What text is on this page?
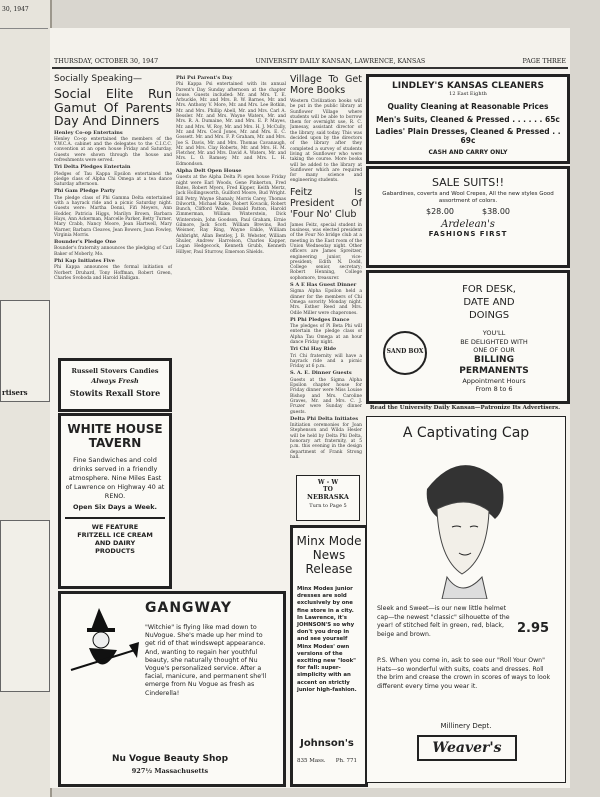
30, 1947
rtisers
THURSDAY, OCTOBER 30, 1947	UNIVERSITY DAILY KANSAN, LAWRENCE, KANSAS	PAGE THREE
Socially Speaking—
Social Elite Run Gamut Of Parents Day And Dinners
Henley Co-op Entertains

Henley Co-op entertained the members of the Y.W.C.A. cabinet and the delegates to the C.I.C.C. convention at an open house Friday and Saturday. Guests were shown through the house and refreshments were served.

Tri Delta Pledges Entertain

Pledges of Tau Kappa Epsilon entertained the pledge class of Alpha Chi Omega at a tea dance Saturday afternoon.

Phi Gam Pledge Party

The pledge class of Phi Gamma Delta entertained with a hayrack ride and a picnic Saturday night. Guests were: Martha Denni, Fifi Meyers, Ann Hodder, Patricia Higgs, Marilyn Brown, Barbara Hays, Ann Ackerman, Marcelle Parker, Betty Turner, Mary Crabb, Nancy Moore, Jean Hartwell, Mary Warner, Barbara Cleaves, Jean Bowers, Joan Fowley, Virginia Morris.

Bounder's Pledge One

Bounder's fraternity announces the pledging of Carl Baker of Moberly, Mo.

Phi Kap Initiates Five

Phi Kappa announces the formal initiation of Norbert Druhard, Tony Hoffman, Robert Green, Charles Svoboda and Harold Halligan.

Russell Stovers Candies
Always Fresh
Stowits Rexall Store
WHITE HOUSE
TAVERN
Fine Sandwiches and cold drinks served in a friendly atmosphere. Nine Miles East of Lawrence on Highway 40 at RENO.
Open Six Days a Week.
WE FEATURE
FRITZELL ICE CREAM
AND DAIRY
PRODUCTS
GANGWAY
"Witchie" is flying like mad down to NuVogue. She's made up her mind to get rid of that windswept appearance. And, wanting to regain her youthful beauty, she naturally thought of Nu Vogue's personalized service. After a facial, manicure, and permanent she'll emerge from Nu Vogue as fresh as Cinderella!
Nu Vogue Beauty Shop
927½ Massachusetts
Phi Psi Parent's Day

Phi Kappa Psi entertained with its annual Parent's Day Sunday afternoon at the chapter house. Guests included: Mr. and Mrs. T. E. Arbuckle, Mr. and Mrs. B. W. Barnes, Mr. and Mrs. Anthony V. More, Mr. and Mrs. Lee Botkin, Mr. and Mrs. Phillip Abell, Mr. and Mrs. Carl A. Bessler. Mr. and Mrs. Wayne Waters, Mr. and Mrs. R. A. Dumaine, Mr. and Mrs. E. P. Mayes, Mr. and Mrs. W. Roy, Mr. and Mrs. H. J. McCully, Mr. and Mrs. Cecil Jones, Mr. and Mrs. E. C. Gossett. Mr. and Mrs. F. P. Graham, Mr. and Mrs. Joe S. Davis, Mr. and Mrs. Thomas Cavanaugh, Mr. and Mrs. Clay Roberts, Mr. and Mrs. H. M. Fletcher, Mr. and Mrs. David A. Waters, Mr. and Mrs. L. O. Ramsey. Mr. and Mrs. L. H. Edmondson.

Alpha Delt Open House

Guests at the Alpha Delta Pi open house Friday night were Earl Woods, Gene Pinkerton, Fred Bates, Robert Myers, Fred Kipper, Keith Mertz, Jack Hollingsworth, Guilford Moore, Bud Wright. Bill Petry, Wayne Shanaly, Morris Carey, Thomas Dilworth, Michael Rake, Robert Kovacik, Robert Bunch, Clifford Wade, Donald Patton, Harold Zimmerman, William Winterstein, Dick Winterstein, John Goodson, Paul Graham, Ernie Gilmore, Jack Scott. William Brevins, Rod Weisner, Ray Ring, Wayne Enkle, William Ashbright, Allan Bentley, J. B. Webster, William Shuler, Andrew Harrelson, Charles Kapper, Logan Hedgecock, Kenneth Grubb, Kenneth Hillyer, Paul Sturrow, Emerson Shields.

Village To Get More Books

Western Civilization books will be put in the public library at Sunflower Village where students will be able to borrow them for overnight use, R. C. Jamesay, assistant director of the library, said today. This was decided upon by the directors of the library after they completed a survey of students living at Sunflower who were taking the course. More books will be added to the library at Sunflower which are required for many science and engineering students.

Feitz Is President Of 'Four No' Club

James Feitz, special student in business, was elected president of the Four No bridge club at a meeting in the East room of the Union Wednesday night. Other officers are James Spreitzer, engineering junior, vice-president; Edith N. Dodd, College senior, secretary; Robert Henning, College sophomore, treasurer.

S A E Has Guest Dinner

Sigma Alpha Epsilon held a dinner for the members of Chi Omega sorority Monday night. Mrs. Esther Reed and Mrs. Odile Miller were chaperones.

Pi Phi Pledges Dance

The pledges of Pi Beta Phi will entertain the pledge class of Alpha Tau Omega at an hour dance Friday night.

Tri Chi Hay Ride

Tri Chi fraternity will have a hayrack ride and a picnic Friday at 6 p.m.

S. A. E. Dinner Guests

Guests at the Sigma Alpha Epsilon chapter house for Friday dinner were Miss Louise Bishop and Mrs. Caroline Graves, Mr. and Mrs. C. J. Fruzer were Sunday dinner guests.

Delta Phi Delta Initiates

Initiation ceremonies for Joan Stephenson and Wilda Hesler will be held by Delta Phi Delta, honorary art fraternity, at 5 p.m. this evening in the design department of Frank Strong hall.

W - W
TO
NEBRASKA
Turn to Page 5
Minx Mode
News
Release
Minx Modes junior dresses are sold exclusively by one fine store in a city. In Lawrence, it's JOHNSON'S so why don't you drop in and see yourself Minx Modes' own versions of the exciting new "look" for fall: super-simplicity with an accent on strictly junior high-fashion.
Johnson's
835 Mass. Ph. 771
LINDLEY'S KANSAS CLEANERS
12 East Eighth
Quality Cleaning at Reasonable Prices
Men's Suits, Cleaned & Pressed . . . . . . 65c
Ladies' Plain Dresses, Cleaned & Pressed . . 69c
CASH AND CARRY ONLY
SALE SUITS!!
Gabardines, coverts and Wool Crepes, All the new styles Good assortment of colors.
$28.00	$38.00
Ardelean's
FASHIONS FIRST
FOR DESK,
DATE AND
DOINGS
SAND BOX
YOU'LL
BE DELIGHTED WITH
ONE OF OUR
BILLING
PERMANENTS
Appointment Hours
From 8 to 6
Read the University Daily Kansan—Patronize Its Advertisers.
A Captivating Cap
Sleek and Sweet—is our new little helmet cap—the newest "classic" silhouette of the year! of stitched felt in green, red, black, beige and brown.	2.95
P.S. When you come in, ask to see our "Roll Your Own" Hats—so wonderful with suits, coats and dresses. Roll the brim and crease the crown in scores of ways to look different every time you wear it.
Millinery Dept.
Weaver's
